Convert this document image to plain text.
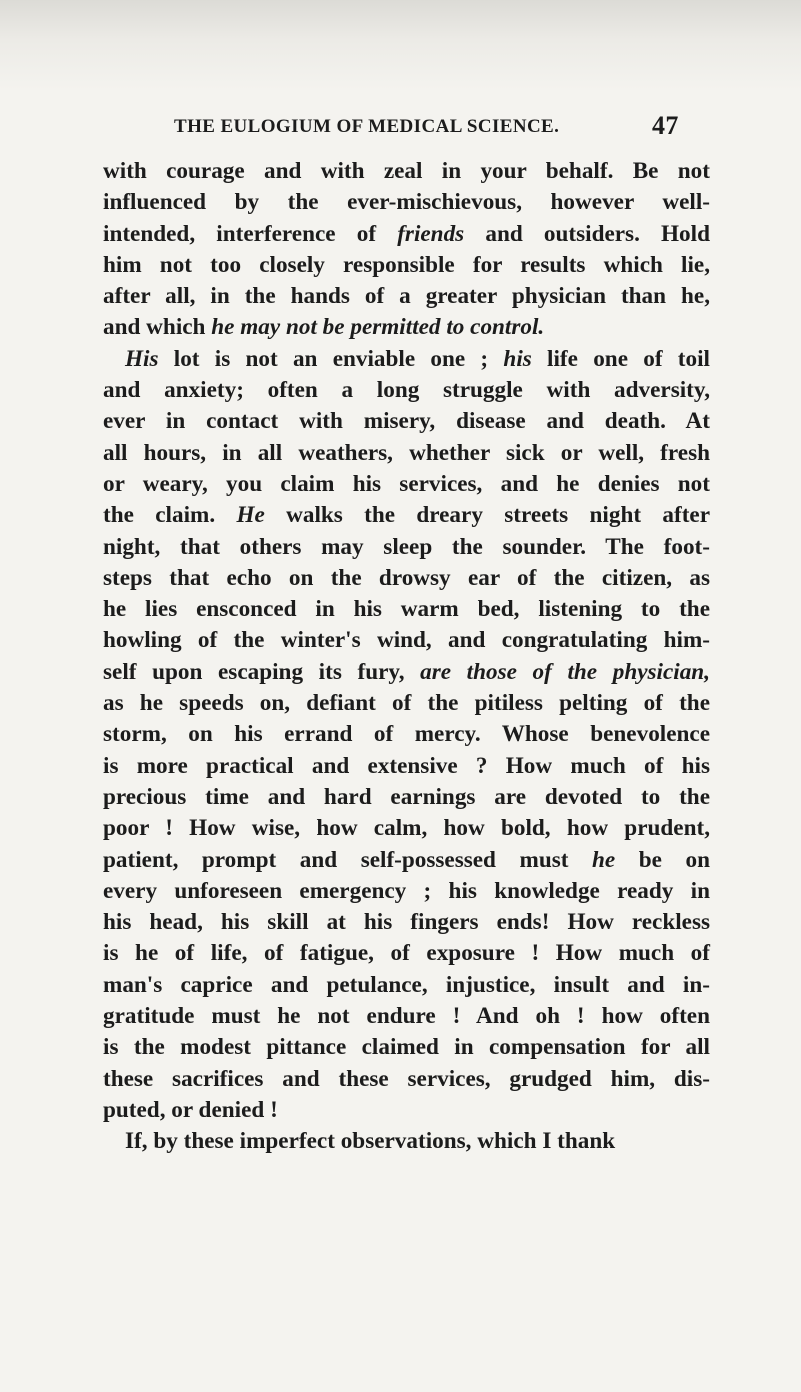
THE EULOGIUM OF MEDICAL SCIENCE.	47
with courage and with zeal in your behalf. Be not
influenced by the ever-mischievous, however well-
intended, interference of friends and outsiders. Hold
him not too closely responsible for results which lie,
after all, in the hands of a greater physician than he,
and which he may not be permitted to control.
His lot is not an enviable one ; his life one of toil
and anxiety; often a long struggle with adversity,
ever in contact with misery, disease and death. At
all hours, in all weathers, whether sick or well, fresh
or weary, you claim his services, and he denies not
the claim. He walks the dreary streets night after
night, that others may sleep the sounder. The foot-
steps that echo on the drowsy ear of the citizen, as
he lies ensconced in his warm bed, listening to the
howling of the winter's wind, and congratulating him-
self upon escaping its fury, are those of the physician,
as he speeds on, defiant of the pitiless pelting of the
storm, on his errand of mercy. Whose benevolence
is more practical and extensive ? How much of his
precious time and hard earnings are devoted to the
poor ! How wise, how calm, how bold, how prudent,
patient, prompt and self-possessed must he be on
every unforeseen emergency ; his knowledge ready in
his head, his skill at his fingers ends! How reckless
is he of life, of fatigue, of exposure ! How much of
man's caprice and petulance, injustice, insult and in-
gratitude must he not endure ! And oh ! how often
is the modest pittance claimed in compensation for all
these sacrifices and these services, grudged him, dis-
puted, or denied !
If, by these imperfect observations, which I thank
